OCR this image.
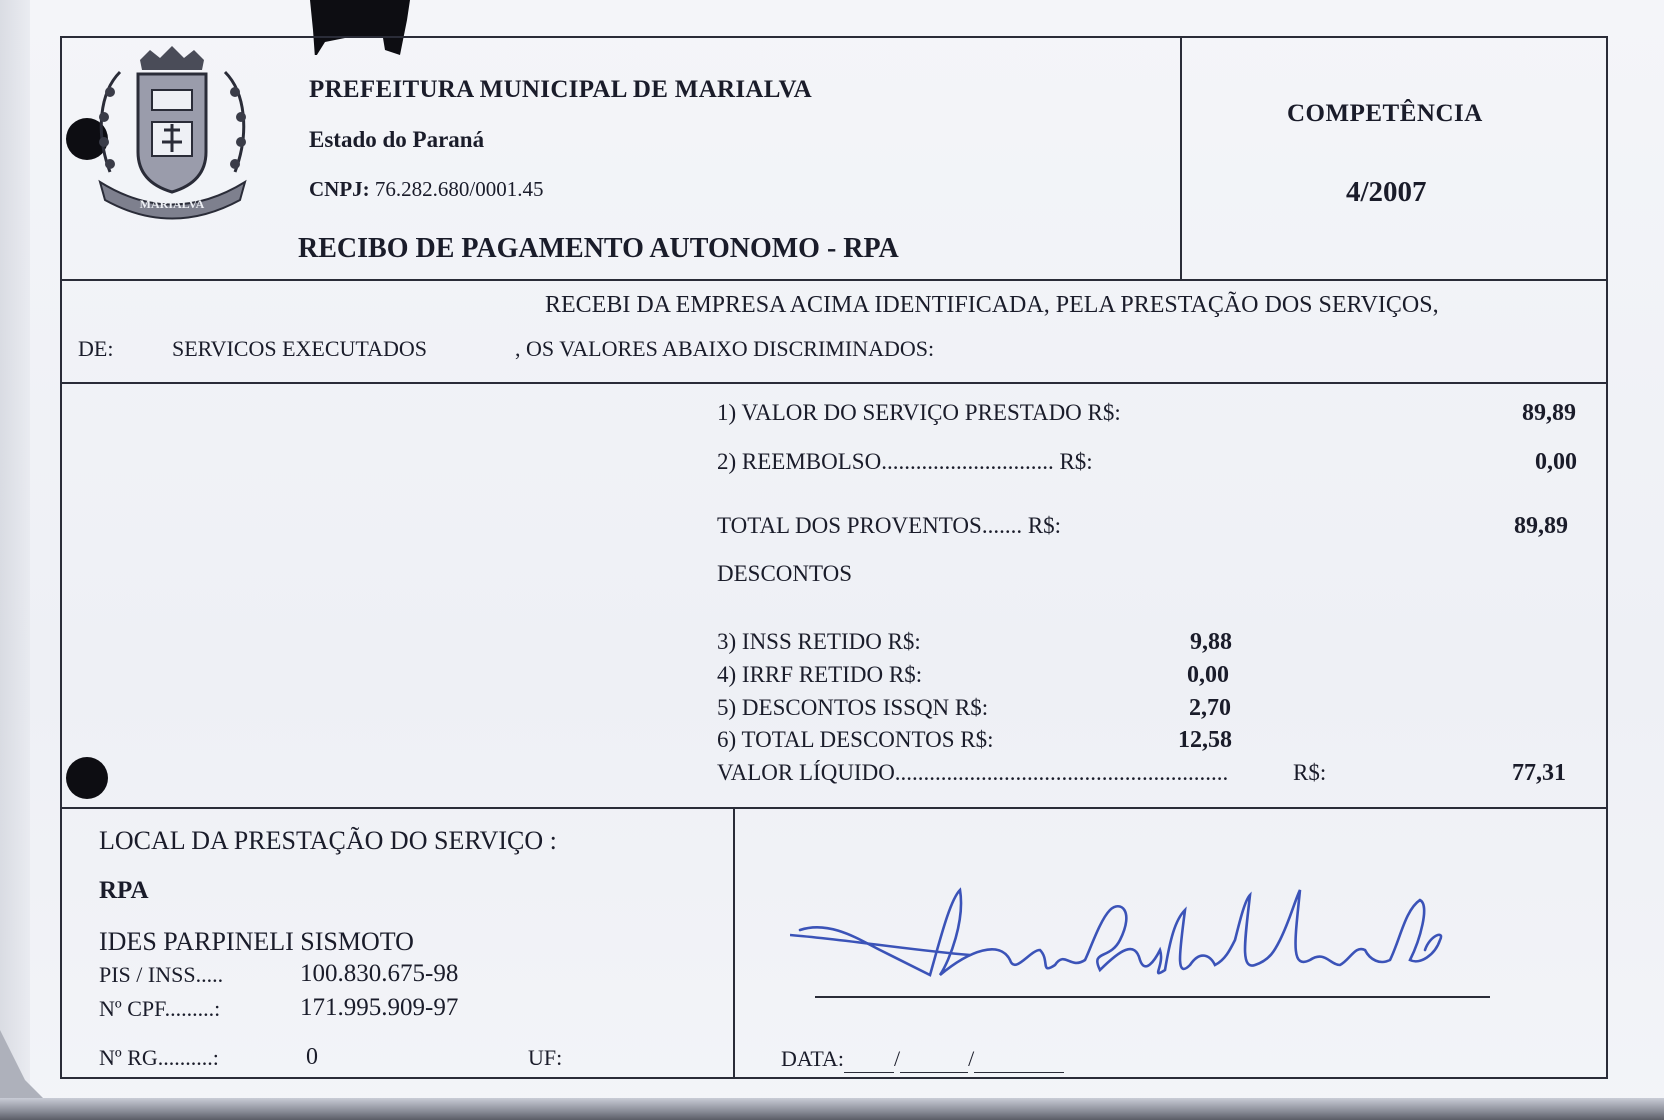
MARIALVA
PREFEITURA MUNICIPAL DE MARIALVA
Estado do Paraná
CNPJ: 76.282.680/0001.45
RECIBO DE PAGAMENTO AUTONOMO - RPA
COMPETÊNCIA
4/2007
RECEBI DA EMPRESA ACIMA IDENTIFICADA, PELA PRESTAÇÃO DOS SERVIÇOS,
DE:	SERVICOS EXECUTADOS	, OS VALORES ABAIXO DISCRIMINADOS:
1) VALOR DO SERVIÇO PRESTADO R$:	89,89
2) REEMBOLSO.............................. R$:	0,00
TOTAL DOS PROVENTOS....... R$:	89,89
DESCONTOS
3) INSS RETIDO R$:	9,88
4) IRRF RETIDO R$:	0,00
5) DESCONTOS ISSQN R$:	2,70
6) TOTAL DESCONTOS R$:	12,58
VALOR LÍQUIDO..........................................................	R$:	77,31
LOCAL DA PRESTAÇÃO DO SERVIÇO :
RPA
IDES PARPINELI SISMOTO
PIS / INSS.....	100.830.675-98
Nº CPF.........:	171.995.909-97
Nº RG..........:	0	UF:	DATA: /	/
